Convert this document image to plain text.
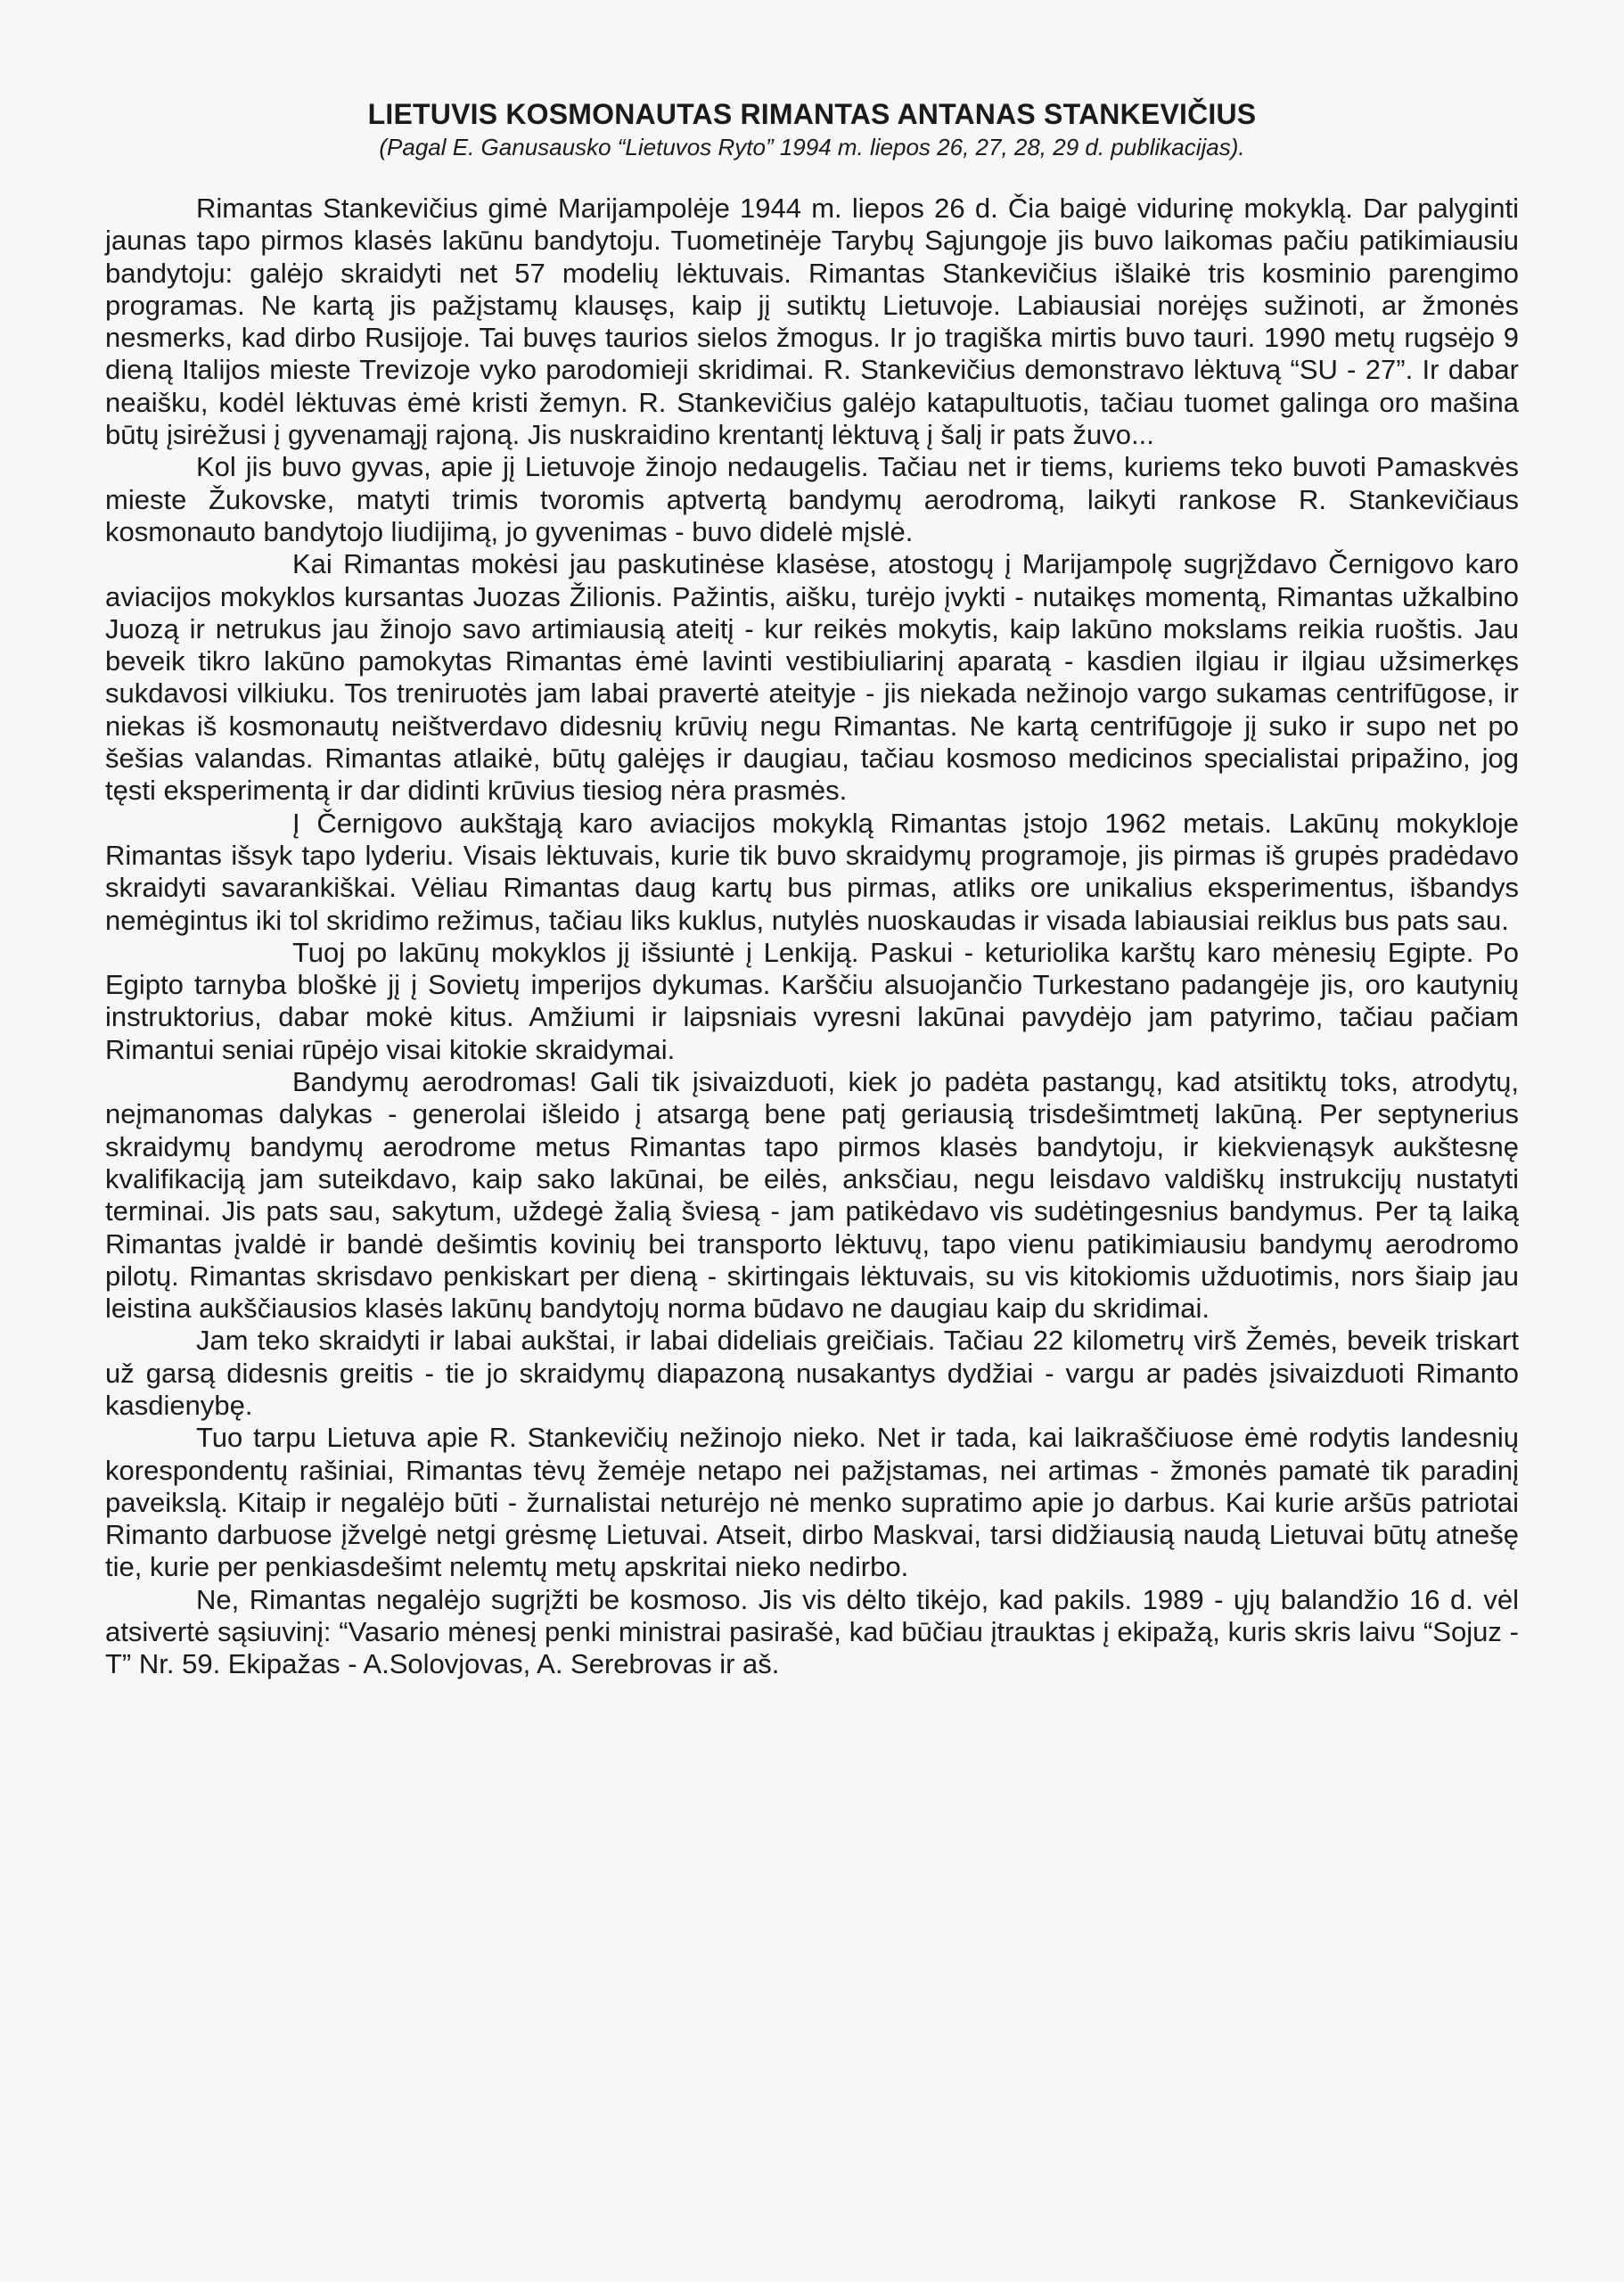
LIETUVIS KOSMONAUTAS RIMANTAS ANTANAS STANKEVIČIUS
(Pagal E. Ganusausko “Lietuvos Ryto” 1994 m. liepos 26, 27, 28, 29 d. publikacijas).

Rimantas Stankevičius gimė Marijampolėje 1944 m. liepos 26 d. Čia baigė vidurinę mokyklą. Dar palyginti jaunas tapo pirmos klasės lakūnu bandytoju. Tuometinėje Tarybų Sąjungoje jis buvo laikomas pačiu patikimiausiu bandytoju: galėjo skraidyti net 57 modelių lėktuvais. Rimantas Stankevičius išlaikė tris kosminio parengimo programas. Ne kartą jis pažįstamų klausęs, kaip jį sutiktų Lietuvoje. Labiausiai norėjęs sužinoti, ar žmonės nesmerks, kad dirbo Rusijoje. Tai buvęs taurios sielos žmogus. Ir jo tragiška mirtis buvo tauri. 1990 metų rugsėjo 9 dieną Italijos mieste Trevizoje vyko parodomieji skridimai. R. Stankevičius demonstravo lėktuvą “SU - 27”. Ir dabar neaišku, kodėl lėktuvas ėmė kristi žemyn. R. Stankevičius galėjo katapultuotis, tačiau tuomet galinga oro mašina būtų įsirėžusi į gyvenamąjį rajoną. Jis nuskraidino krentantį lėktuvą į šalį ir pats žuvo...

Kol jis buvo gyvas, apie jį Lietuvoje žinojo nedaugelis. Tačiau net ir tiems, kuriems teko buvoti Pamaskvės mieste Žukovske, matyti trimis tvoromis aptvertą bandymų aerodromą, laikyti rankose R. Stankevičiaus kosmonauto bandytojo liudijimą, jo gyvenimas - buvo didelė mįslė.

Kai Rimantas mokėsi jau paskutinėse klasėse, atostogų į Marijampolę sugrįždavo Černigovo karo aviacijos mokyklos kursantas Juozas Žilionis. Pažintis, aišku, turėjo įvykti - nutaikęs momentą, Rimantas užkalbino Juozą ir netrukus jau žinojo savo artimiausią ateitį - kur reikės mokytis, kaip lakūno mokslams reikia ruoštis. Jau beveik tikro lakūno pamokytas Rimantas ėmė lavinti vestibiuliarinį aparatą - kasdien ilgiau ir ilgiau užsimerkęs sukdavosi vilkiuku. Tos treniruotės jam labai pravertė ateityje - jis niekada nežinojo vargo sukamas centrifūgose, ir niekas iš kosmonautų neištverdavo didesnių krūvių negu Rimantas. Ne kartą centrifūgoje jį suko ir supo net po šešias valandas. Rimantas atlaikė, būtų galėjęs ir daugiau, tačiau kosmoso medicinos specialistai pripažino, jog tęsti eksperimentą ir dar didinti krūvius tiesiog nėra prasmės.

Į Černigovo aukštąją karo aviacijos mokyklą Rimantas įstojo 1962 metais. Lakūnų mokykloje Rimantas išsyk tapo lyderiu. Visais lėktuvais, kurie tik buvo skraidymų programoje, jis pirmas iš grupės pradėdavo skraidyti savarankiškai. Vėliau Rimantas daug kartų bus pirmas, atliks ore unikalius eksperimentus, išbandys nemėgintus iki tol skridimo režimus, tačiau liks kuklus, nutylės nuoskaudas ir visada labiausiai reiklus bus pats sau.

Tuoj po lakūnų mokyklos jį išsiuntė į Lenkiją. Paskui - keturiolika karštų karo mėnesių Egipte. Po Egipto tarnyba bloškė jį į Sovietų imperijos dykumas. Karščiu alsuojančio Turkestano padangėje jis, oro kautynių instruktorius, dabar mokė kitus. Amžiumi ir laipsniais vyresni lakūnai pavydėjo jam patyrimo, tačiau pačiam Rimantui seniai rūpėjo visai kitokie skraidymai.

Bandymų aerodromas! Gali tik įsivaizduoti, kiek jo padėta pastangų, kad atsitiktų toks, atrodytų, neįmanomas dalykas - generolai išleido į atsargą bene patį geriausią trisdešimtmetį lakūną. Per septynerius skraidymų bandymų aerodrome metus Rimantas tapo pirmos klasės bandytoju, ir kiekvienąsyk aukštesnę kvalifikaciją jam suteikdavo, kaip sako lakūnai, be eilės, anksčiau, negu leisdavo valdiškų instrukcijų nustatyti terminai. Jis pats sau, sakytum, uždegė žalią šviesą - jam patikėdavo vis sudėtingesnius bandymus. Per tą laiką Rimantas įvaldė ir bandė dešimtis kovinių bei transporto lėktuvų, tapo vienu patikimiausiu bandymų aerodromo pilotų. Rimantas skrisdavo penkiskart per dieną - skirtingais lėktuvais, su vis kitokiomis užduotimis, nors šiaip jau leistina aukščiausios klasės lakūnų bandytojų norma būdavo ne daugiau kaip du skridimai.

Jam teko skraidyti ir labai aukštai, ir labai dideliais greičiais. Tačiau 22 kilometrų virš Žemės, beveik triskart už garsą didesnis greitis - tie jo skraidymų diapazoną nusakantys dydžiai - vargu ar padės įsivaizduoti Rimanto kasdienybę.

Tuo tarpu Lietuva apie R. Stankevičių nežinojo nieko. Net ir tada, kai laikraščiuose ėmė rodytis landesnių korespondentų rašiniai, Rimantas tėvų žemėje netapo nei pažįstamas, nei artimas - žmonės pamatė tik paradinį paveikslą. Kitaip ir negalėjo būti - žurnalistai neturėjo nė menko supratimo apie jo darbus. Kai kurie aršūs patriotai Rimanto darbuose įžvelgė netgi grėsmę Lietuvai. Atseit, dirbo Maskvai, tarsi didžiausią naudą Lietuvai būtų atnešę tie, kurie per penkiasdešimt nelemtų metų apskritai nieko nedirbo.

Ne, Rimantas negalėjo sugrįžti be kosmoso. Jis vis dėlto tikėjo, kad pakils. 1989 - ųjų balandžio 16 d. vėl atsivertė sąsiuvinį: “Vasario mėnesį penki ministrai pasirašė, kad būčiau įtrauktas į ekipažą, kuris skris laivu “Sojuz - T” Nr. 59. Ekipažas - A.Solovjovas, A. Serebrovas ir aš.
